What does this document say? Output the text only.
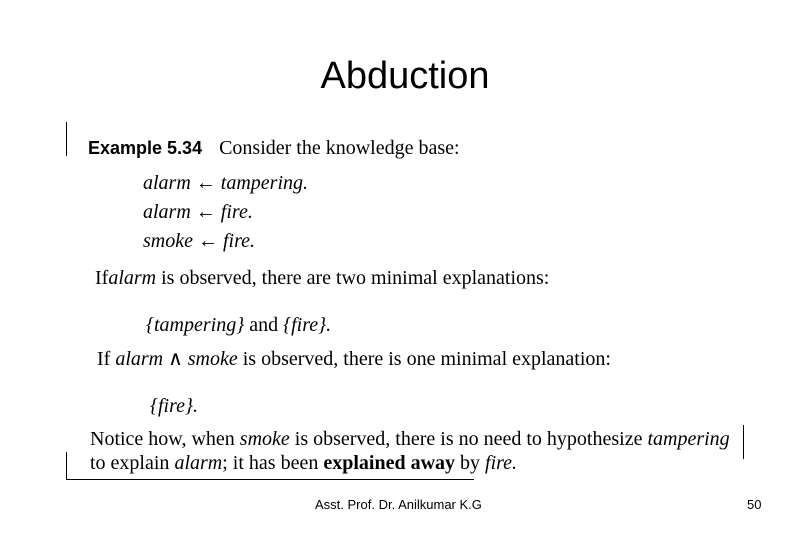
Abduction
Example 5.34 Consider the knowledge base:
alarm ← tampering.
alarm ← fire.
smoke ← fire.
Ifalarm is observed, there are two minimal explanations:
{tampering} and {fire}.
If alarm ∧ smoke is observed, there is one minimal explanation:
{fire}.
Notice how, when smoke is observed, there is no need to hypothesize tampering
to explain alarm; it has been explained away by fire.
Asst. Prof. Dr. Anilkumar K.G	50
